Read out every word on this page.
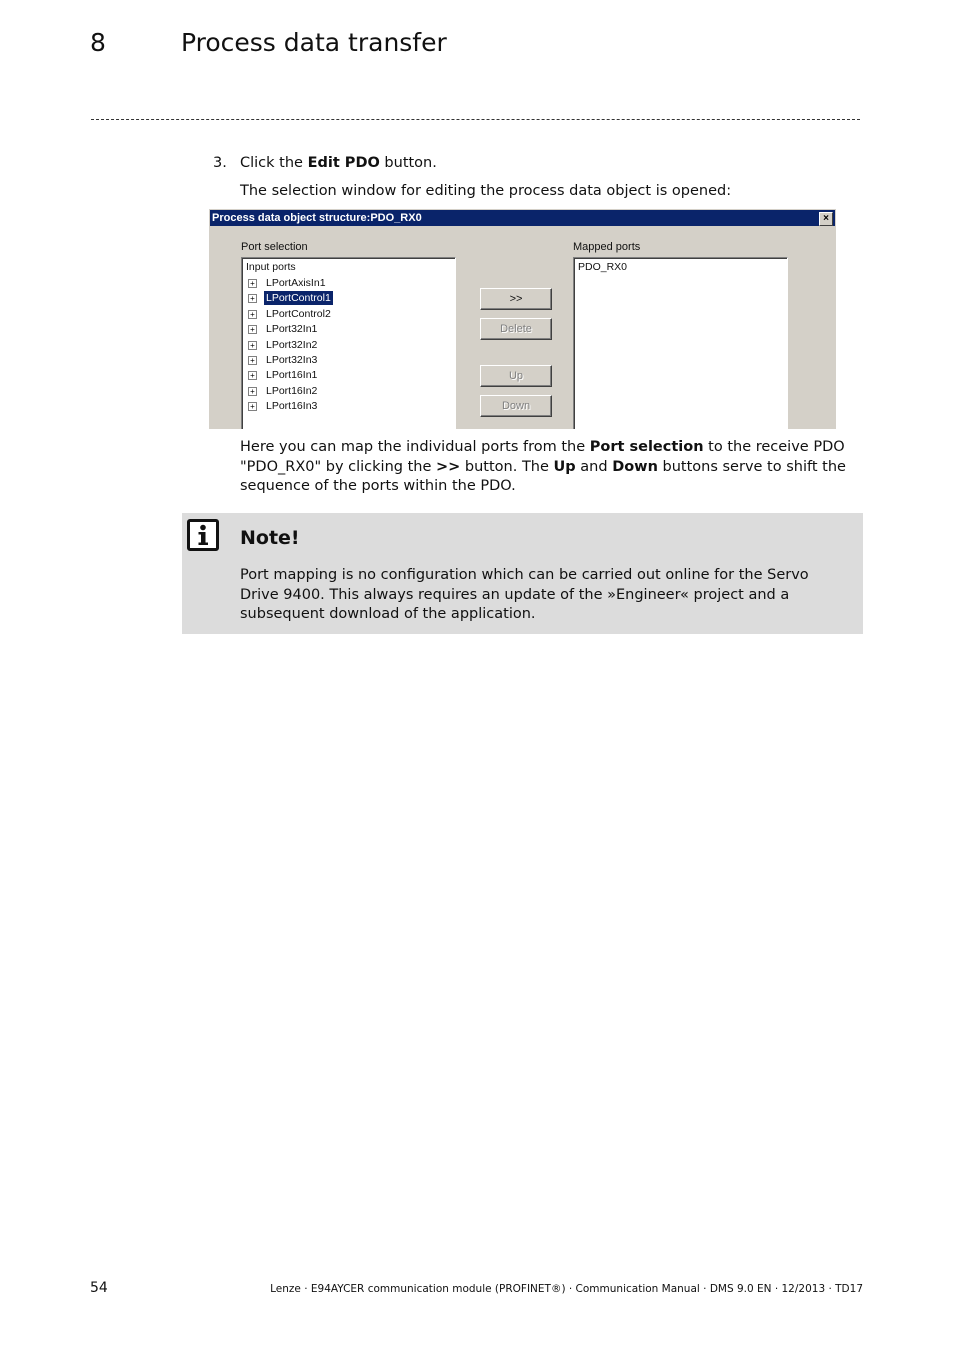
8	Process data transfer
3. Click the Edit PDO button.
The selection window for editing the process data object is opened:
Process data object structure:PDO_RX0	×
Port selection	Mapped ports
Input ports
+ LPortAxisIn1
+ LPortControl1
+ LPortControl2
+ LPort32In1
+ LPort32In2
+ LPort32In3
+ LPort16In1
+ LPort16In2
+ LPort16In3
>>
Delete
Up
Down
PDO_RX0
Here you can map the individual ports from the Port selection to the receive PDO "PDO_RX0" by clicking the >> button. The Up and Down buttons serve to shift the sequence of the ports within the PDO.
Note!
Port mapping is no configuration which can be carried out online for the Servo Drive 9400. This always requires an update of the »Engineer« project and a subsequent download of the application.
54	Lenze · E94AYCER communication module (PROFINET®) · Communication Manual · DMS 9.0 EN · 12/2013 · TD17
